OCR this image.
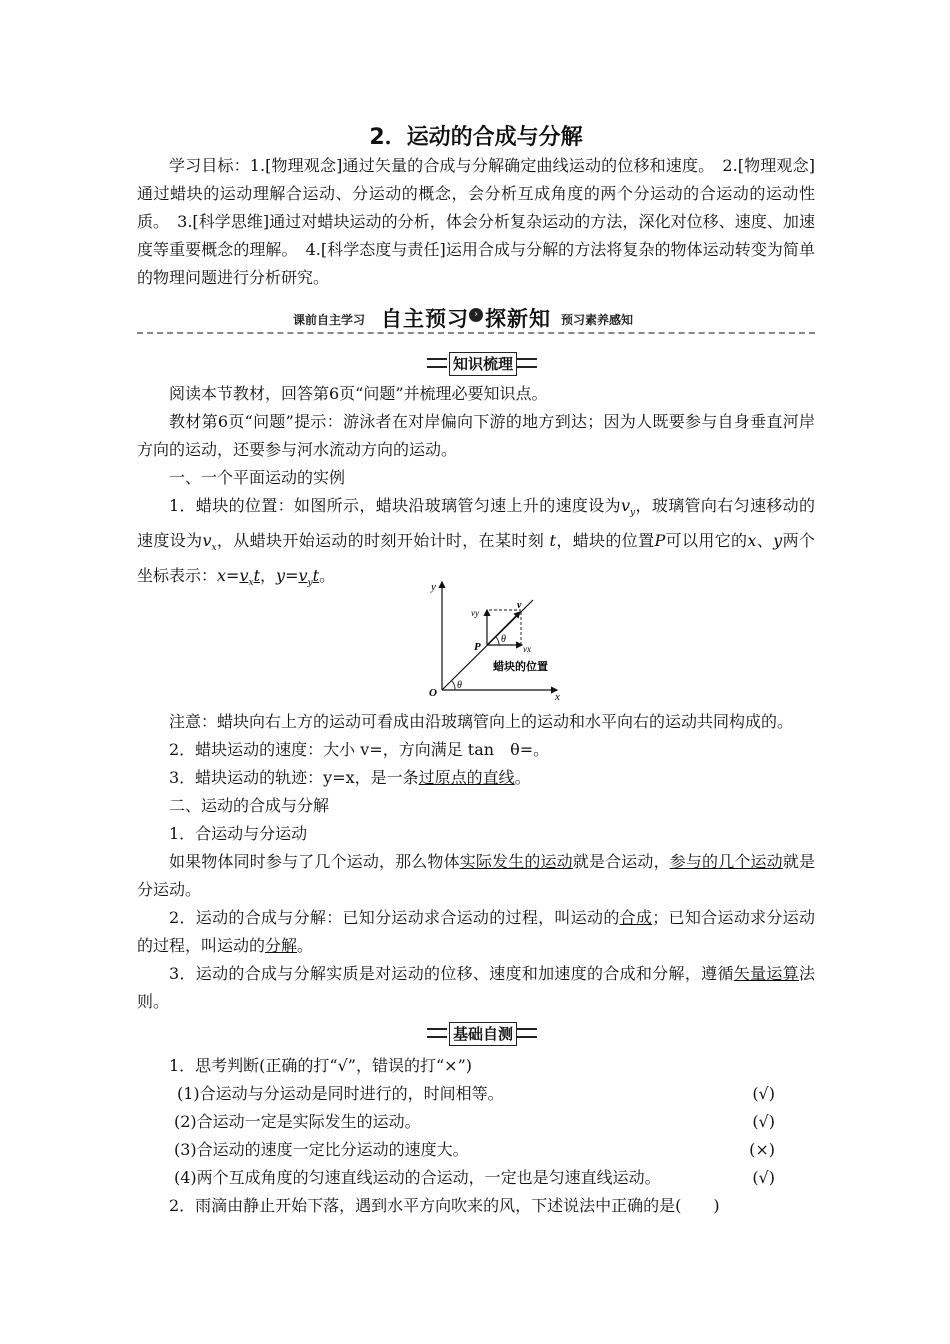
2．运动的合成与分解
学习目标：1.[物理观念]通过矢量的合成与分解确定曲线运动的位移和速度。　2.[物理观念]通过蜡块的运动理解合运动、分运动的概念，会分析互成角度的两个分运动的合运动的运动性质。　3.[科学思维]通过对蜡块运动的分析，体会分析复杂运动的方法，深化对位移、速度、加速度等重要概念的理解。　4.[科学态度与责任]运用合成与分解的方法将复杂的物体运动转变为简单的物理问题进行分析研究。
课前自主学习 自主预习 › 探新知 预习素养感知
知识梳理
阅读本节教材，回答第6页“问题”并梳理必要知识点。
教材第6页“问题”提示：游泳者在对岸偏向下游的地方到达；因为人既要参与自身垂直河岸方向的运动，还要参与河水流动方向的运动。
一、一个平面运动的实例
1．蜡块的位置：如图所示，蜡块沿玻璃管匀速上升的速度设为$v_y$，玻璃管向右匀速移动的速度设为$v_x$，从蜡块开始运动的时刻开始计时，在某时刻 t，蜡块的位置P可以用它的x、y两个坐标表示：$x=v_xt$，$y=v_yt$。
y
x
O
P
vy
vx
v
θ
θ
蜡块的位置
注意：蜡块向右上方的运动可看成由沿玻璃管向上的运动和水平向右的运动共同构成的。
2．蜡块运动的速度：大小 v=，方向满足 tan　θ=。
3．蜡块运动的轨迹：y=x，是一条过原点的直线。
二、运动的合成与分解
1．合运动与分运动
如果物体同时参与了几个运动，那么物体实际发生的运动就是合运动，参与的几个运动就是分运动。
2．运动的合成与分解：已知分运动求合运动的过程，叫运动的合成；已知合运动求分运动的过程，叫运动的分解。
3．运动的合成与分解实质是对运动的位移、速度和加速度的合成和分解，遵循矢量运算法则。
基础自测
1．思考判断(正确的打“√”，错误的打“×”)
(1)合运动与分运动是同时进行的，时间相等。	(√)
(2)合运动一定是实际发生的运动。	(√)
(3)合运动的速度一定比分运动的速度大。	(×)
(4)两个互成角度的匀速直线运动的合运动，一定也是匀速直线运动。	(√)
2．雨滴由静止开始下落，遇到水平方向吹来的风，下述说法中正确的是(　　)
